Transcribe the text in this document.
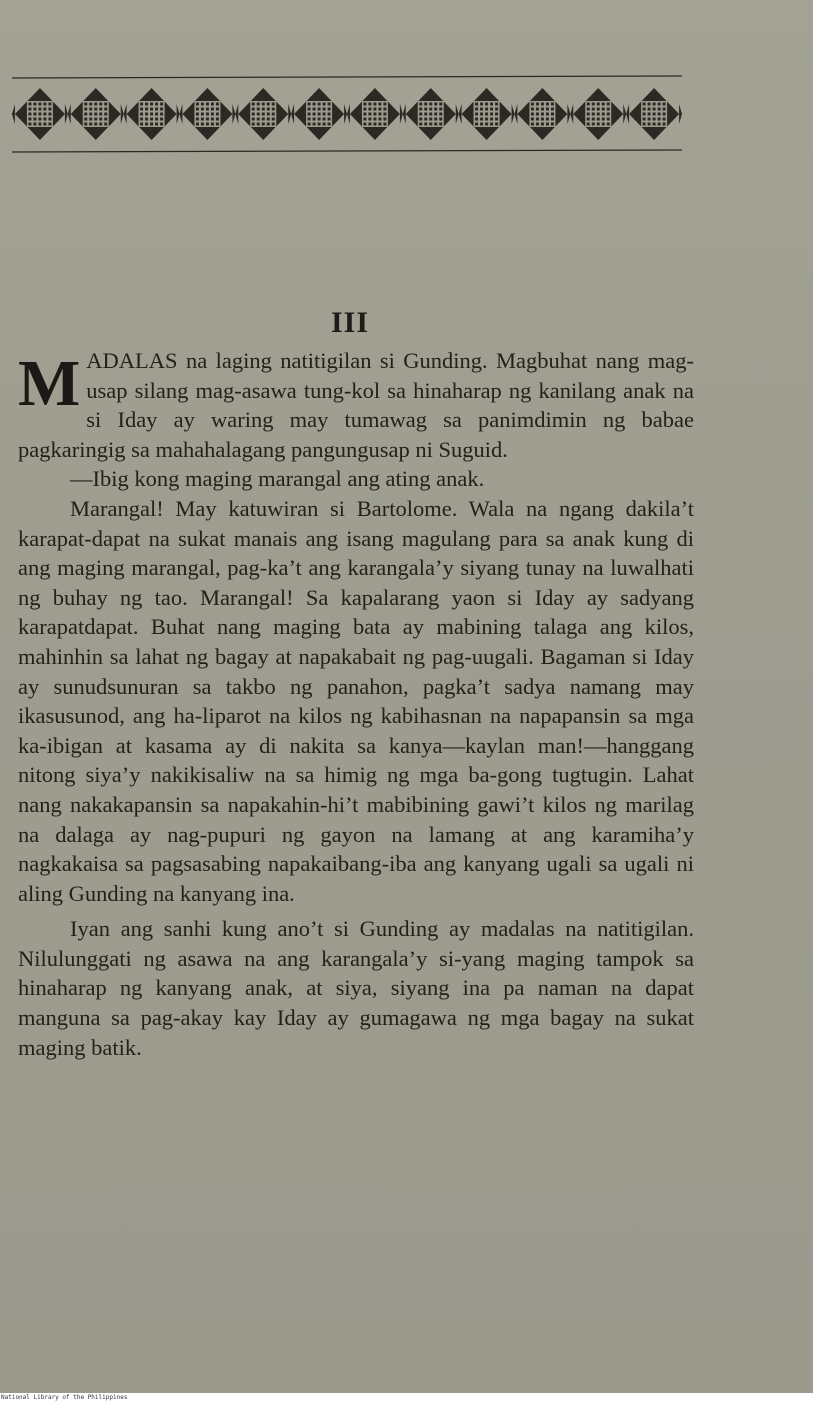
III

MADALAS na laging natitigilan si Gunding. Magbuhat nang mag-usap silang mag-asawa tung-kol sa hinaharap ng kanilang anak na si Iday ay waring may tumawag sa panimdimin ng babae pagkaringig sa mahahalagang pangungusap ni Suguid.

—Ibig kong maging marangal ang ating anak.

Marangal! May katuwiran si Bartolome. Wala na ngang dakila’t karapat-dapat na sukat manais ang isang magulang para sa anak kung di ang maging marangal, pag-ka’t ang karangala’y siyang tunay na luwalhati ng buhay ng tao. Marangal! Sa kapalarang yaon si Iday ay sadyang karapatdapat. Buhat nang maging bata ay mabining talaga ang kilos, mahinhin sa lahat ng bagay at napakabait ng pag-uugali. Bagaman si Iday ay sunudsunuran sa takbo ng panahon, pagka’t sadya namang may ikasusunod, ang ha-liparot na kilos ng kabihasnan na napapansin sa mga ka-ibigan at kasama ay di nakita sa kanya—kaylan man!—hanggang nitong siya’y nakikisaliw na sa himig ng mga ba-gong tugtugin. Lahat nang nakakapansin sa napakahin-hi’t mabibining gawi’t kilos ng marilag na dalaga ay nag-pupuri ng gayon na lamang at ang karamiha’y nagkakaisa sa pagsasabing napakaibang-iba ang kanyang ugali sa ugali ni aling Gunding na kanyang ina.

Iyan ang sanhi kung ano’t si Gunding ay madalas na natitigilan. Nilulunggati ng asawa na ang karangala’y si-yang maging tampok sa hinaharap ng kanyang anak, at siya, siyang ina pa naman na dapat manguna sa pag-akay kay Iday ay gumagawa ng mga bagay na sukat maging batik.

National Library of the Philippines
